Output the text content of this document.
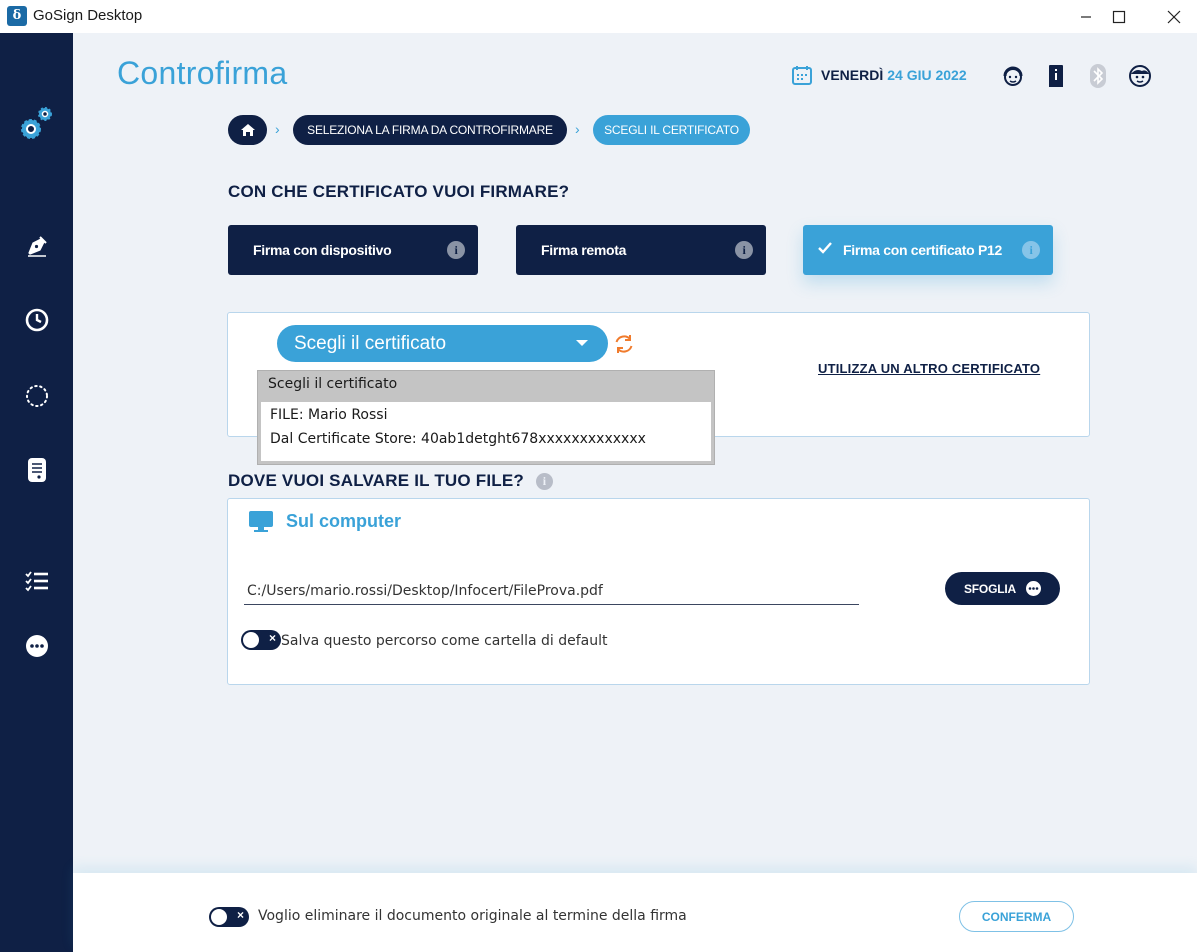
δ GoSign Desktop
Controfirma	VENERDÌ 24 GIU 2022
›	SELEZIONA LA FIRMA DA CONTROFIRMARE	›	SCEGLI IL CERTIFICATO
CON CHE CERTIFICATO VUOI FIRMARE?
Firma con dispositivo	i	Firma remota	i	Firma con certificato P12	i
Scegli il certificato
UTILIZZA UN ALTRO CERTIFICATO
Scegli il certificato
FILE: Mario Rossi
Dal Certificate Store: 40ab1detght678xxxxxxxxxxxxx
DOVE VUOI SALVARE IL TUO FILE?	i
Sul computer
C:/Users/mario.rossi/Desktop/Infocert/FileProva.pdf
SFOGLIA
× Salva questo percorso come cartella di default
× Voglio eliminare il documento originale al termine della firma	CONFERMA
